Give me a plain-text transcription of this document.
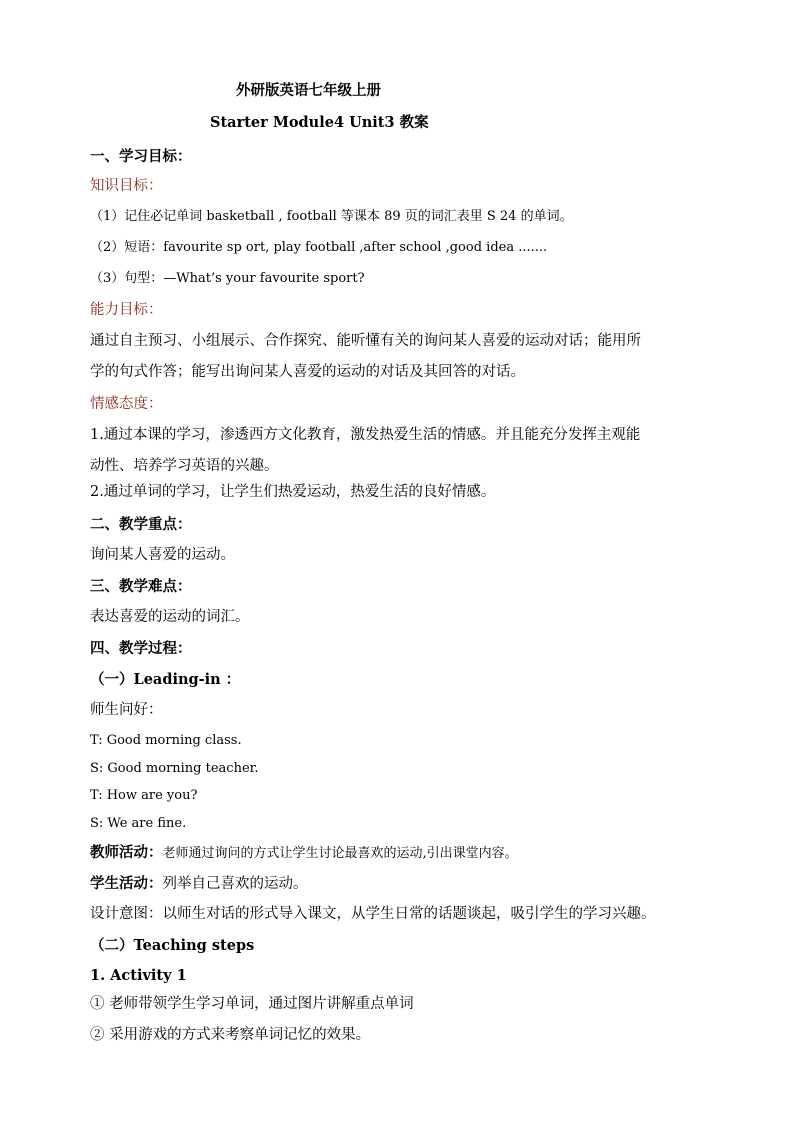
外研版英语七年级上册
Starter Module4 Unit3 教案
一、学习目标：
知识目标：
（1）记住必记单词 basketball , football 等课本 89 页的词汇表里 S 24 的单词。
（2）短语：favourite sp ort, play football ,after school ,good idea .......
（3）句型：—What’s your favourite sport?
能力目标：
通过自主预习、小组展示、合作探究、能听懂有关的询问某人喜爱的运动对话；能用所
学的句式作答；能写出询问某人喜爱的运动的对话及其回答的对话。
情感态度：
1.通过本课的学习，渗透西方文化教育，激发热爱生活的情感。并且能充分发挥主观能
动性、培养学习英语的兴趣。
2.通过单词的学习，让学生们热爱运动，热爱生活的良好情感。
二、教学重点：
询问某人喜爱的运动。
三、教学难点：
表达喜爱的运动的词汇。
四、教学过程：
（一）Leading-in ：
师生问好：
T: Good morning class.
S: Good morning teacher.
T: How are you?
S: We are fine.
教师活动：老师通过询问的方式让学生讨论最喜欢的运动,引出课堂内容。
学生活动：列举自己喜欢的运动。
设计意图：以师生对话的形式导入课文，从学生日常的话题谈起，吸引学生的学习兴趣。
（二）Teaching steps
1. Activity 1
① 老师带领学生学习单词，通过图片讲解重点单词
② 采用游戏的方式来考察单词记忆的效果。
